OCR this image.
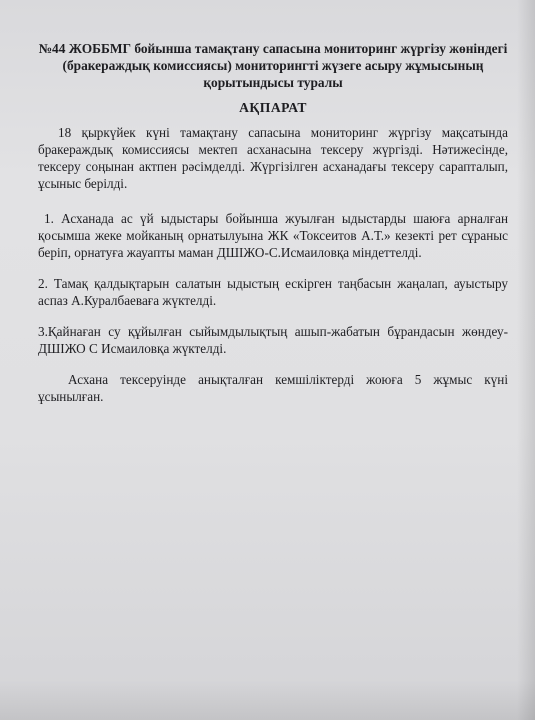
№44 ЖОББМГ бойынша тамақтану сапасына мониторинг жүргізу жөніндегі (бракераждық комиссиясы) мониторингті жүзеге асыру жұмысының қорытындысы туралы
АҚПАРАТ

18 қыркүйек күні тамақтану сапасына мониторинг жүргізу мақсатында бракераждық комиссиясы мектеп асханасына тексеру жүргізді. Нәтижесінде, тексеру соңынан актпен рәсімделді. Жүргізілген асханадағы тексеру сарапталып, ұсыныс берілді.

1. Асханада ас үй ыдыстары бойынша жуылған ыдыстарды шаюға арналған қосымша жеке мойканың орнатылуына ЖК «Токсеитов А.Т.» кезекті рет сұраныс беріп, орнатуға жауапты маман ДШІЖО-С.Исмаиловқа міндеттелді.

2. Тамақ қалдықтарын салатын ыдыстың ескірген таңбасын жаңалап, ауыстыру аспаз А.Куралбаеваға жүктелді.

3.Қайнаған су құйылған сыйымдылықтың ашып-жабатын бұрандасын жөндеу-ДШІЖО С Исмаиловқа жүктелді.

Асхана тексеруінде анықталған кемшіліктерді жоюға 5 жұмыс күні ұсынылған.
